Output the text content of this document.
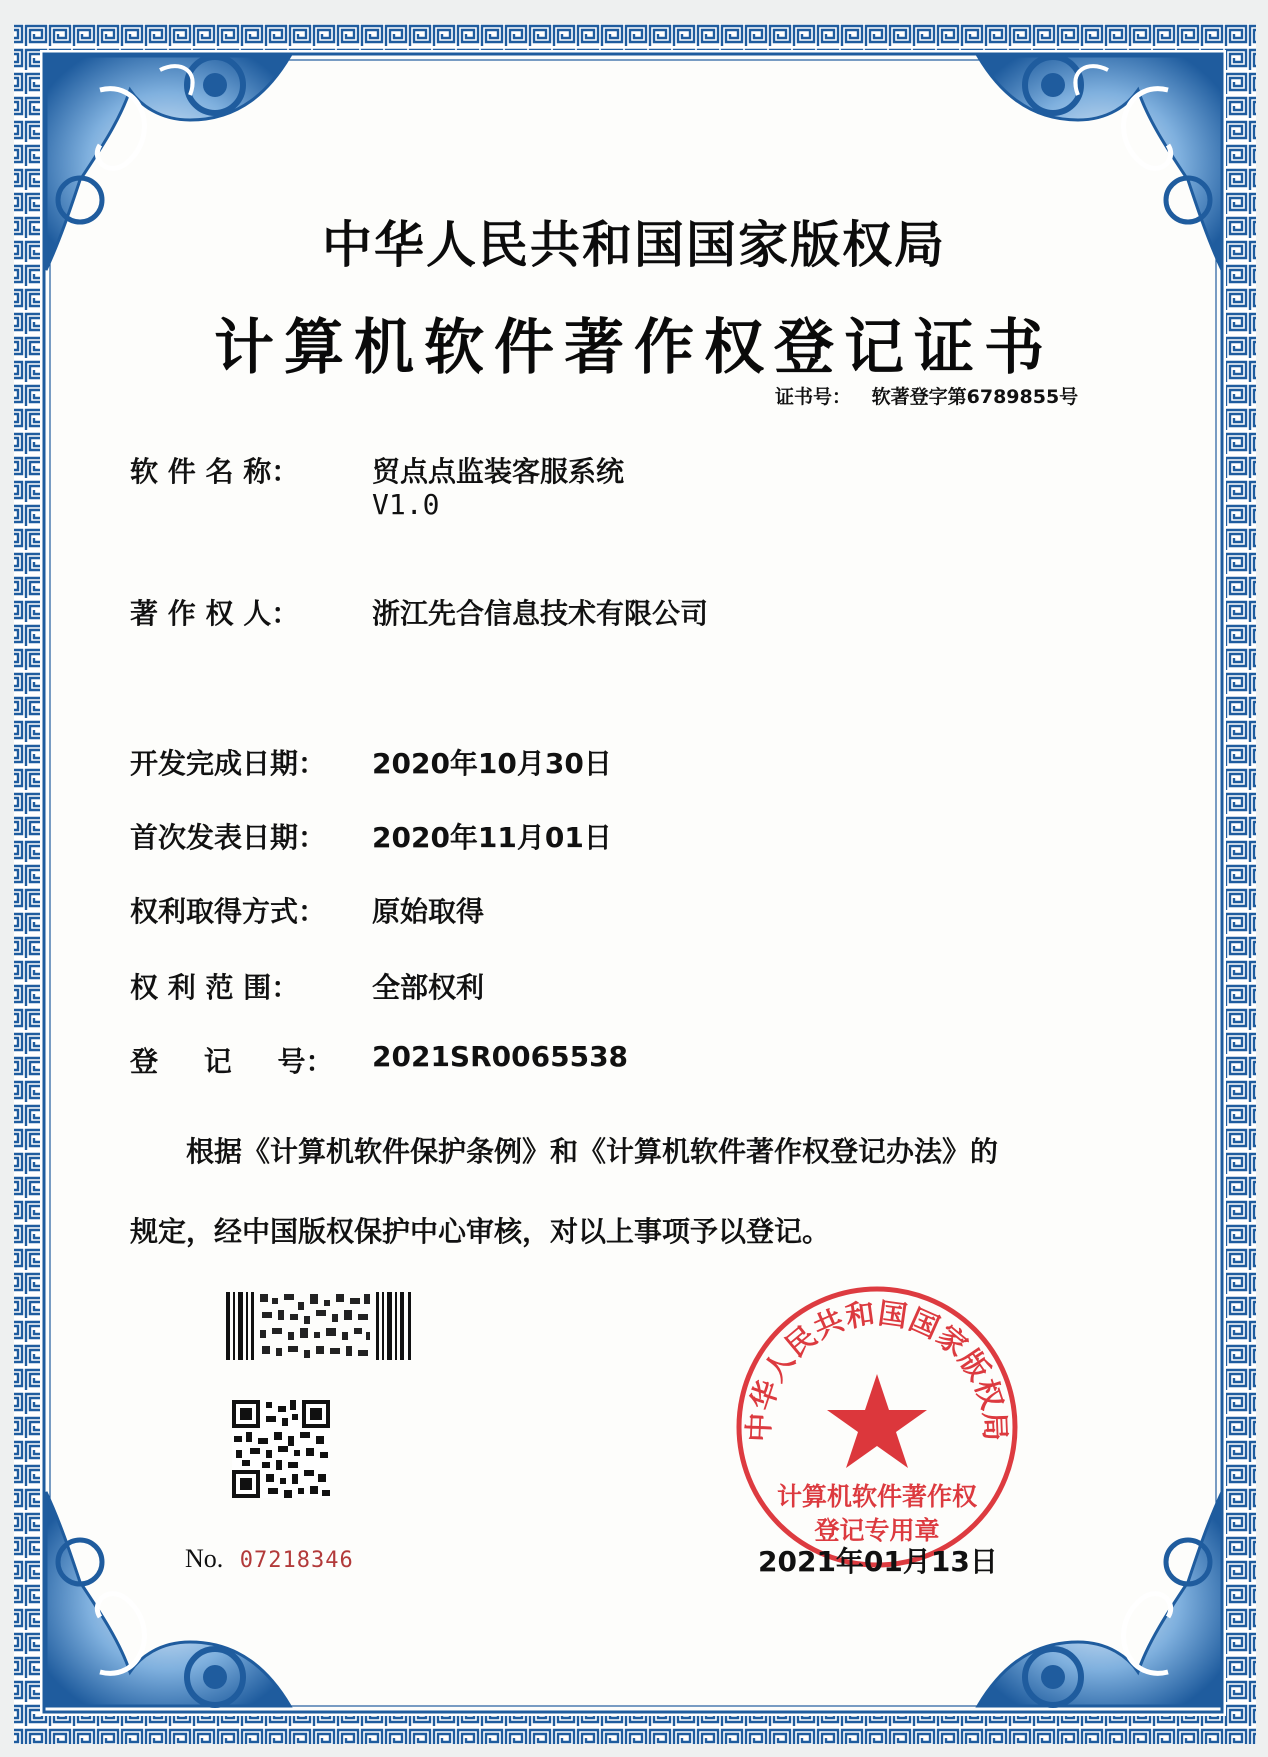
中华人民共和国国家版权局
计算机软件著作权登记证书
证书号： 软著登字第6789855号
软 件 名 称：	贸点点监装客服系统
V1.0
著 作 权 人：	浙江先合信息技术有限公司
开发完成日期：	2020年10月30日
首次发表日期：	2020年11月01日
权利取得方式：	原始取得
权 利 范 围：	全部权利
登 记 号：	2021SR0065538
根据《计算机软件保护条例》和《计算机软件著作权登记办法》的
规定，经中国版权保护中心审核，对以上事项予以登记。
No. 07218346
中华人民共和国国家版权局
计算机软件著作权
登记专用章
2021年01月13日
